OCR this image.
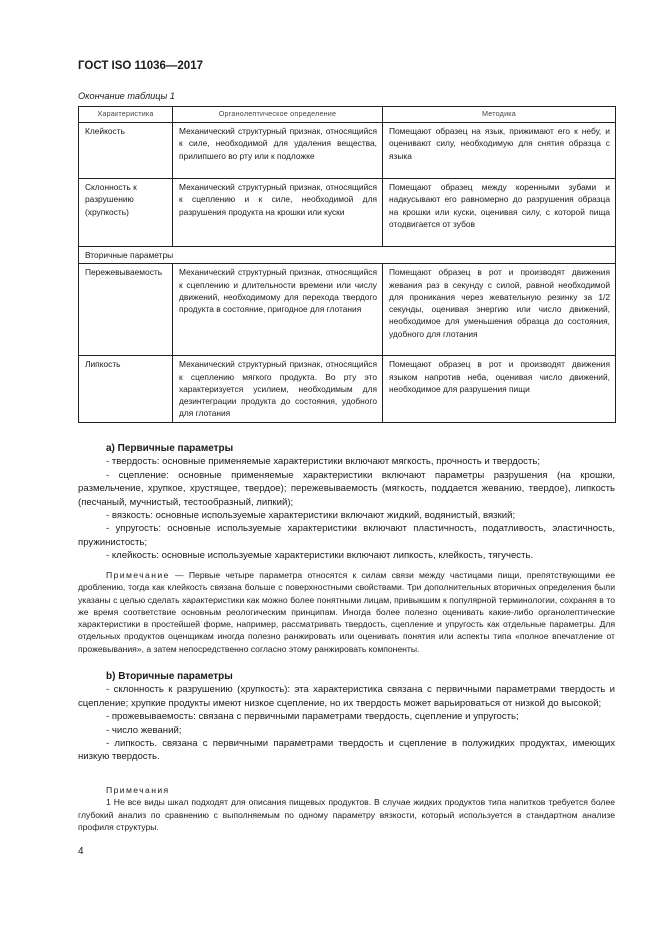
ГОСТ ISO 11036—2017
Окончание таблицы 1
Характеристика	Органолептическое определение	Методика
Клейкость	Механический структурный признак, относящийся к силе, необходимой для удаления вещества, прилипшего во рту или к подложке	Помещают образец на язык, прижимают его к небу, и оценивают силу, необходимую для снятия образца с языка
Склонность к разрушению (хрупкость)	Механический структурный признак, относящийся к сцеплению и к силе, необходимой для разрушения продукта на крошки или куски	Помещают образец между коренными зубами и надкусывают его равномерно до разрушения образца на крошки или куски, оценивая силу, с которой пища отодвигается от зубов
Вторичные параметры		
Пережевываемость	Механический структурный признак, относящийся к сцеплению и длительности времени или числу движений, необходимому для перехода твердого продукта в состояние, пригодное для глотания	Помещают образец в рот и производят движения жевания раз в секунду с силой, равной необходимой для проникания через жевательную резинку за 1/2 секунды, оценивая энергию или число движений, необходимое для уменьшения образца до состояния, удобного для глотания
Липкость	Механический структурный признак, относящийся к сцеплению мягкого продукта. Во рту это характеризуется усилием, необходимым для дезинтеграции продукта до состояния, удобного для глотания	Помещают образец в рот и производят движения языком напротив неба, оценивая число движений, необходимое для разрушения пищи
а) Первичные параметры

- твердость: основные применяемые характеристики включают мягкость, прочность и твердость;

- сцепление: основные применяемые характеристики включают параметры разрушения (на крошки, размельчение, хрупкое, хрустящее, твердое); пережевываемость (мягкость, поддается жеванию, твердое), липкость (песчаный, мучнистый, тестообразный, липкий);

- вязкость: основные используемые характеристики включают жидкий, водянистый, вязкий;

- упругость: основные используемые характеристики включают пластичность, податливость, эластичность, пружинистость;

- клейкость: основные используемые характеристики включают липкость, клейкость, тягучесть.

Примечание — Первые четыре параметра относятся к силам связи между частицами пищи, препятствующими ее дроблению, тогда как клейкость связана больше с поверхностными свойствами. Три дополнительных вторичных определения были указаны с целью сделать характеристики как можно более понятными лицам, привыкшим к популярной терминологии, сохраняя в то же время соответствие основным реологическим принципам. Иногда более полезно оценивать какие-либо органолептические характеристики в простейшей форме, например, рассматривать твердость, сцепление и упругость как отдельные параметры. Для отдельных продуктов оценщикам иногда полезно ранжировать или оценивать понятия или аспекты типа «полное впечатление от прожевывания», а затем непосредственно согласно этому ранжировать компоненты.

b) Вторичные параметры

- склонность к разрушению (хрупкость): эта характеристика связана с первичными параметрами твердость и сцепление; хрупкие продукты имеют низкое сцепление, но их твердость может варьироваться от низкой до высокой;

- прожевываемость: связана с первичными параметрами твердость, сцепление и упругость;

- число жеваний;

- липкость. связана с первичными параметрами твердость и сцепление в полужидких продуктах, имеющих низкую твердость.

Примечания

1 Не все виды шкал подходят для описания пищевых продуктов. В случае жидких продуктов типа напитков требуется более глубокий анализ по сравнению с выполняемым по одному параметру вязкости, который используется в стандартном анализе профиля структуры.

4
